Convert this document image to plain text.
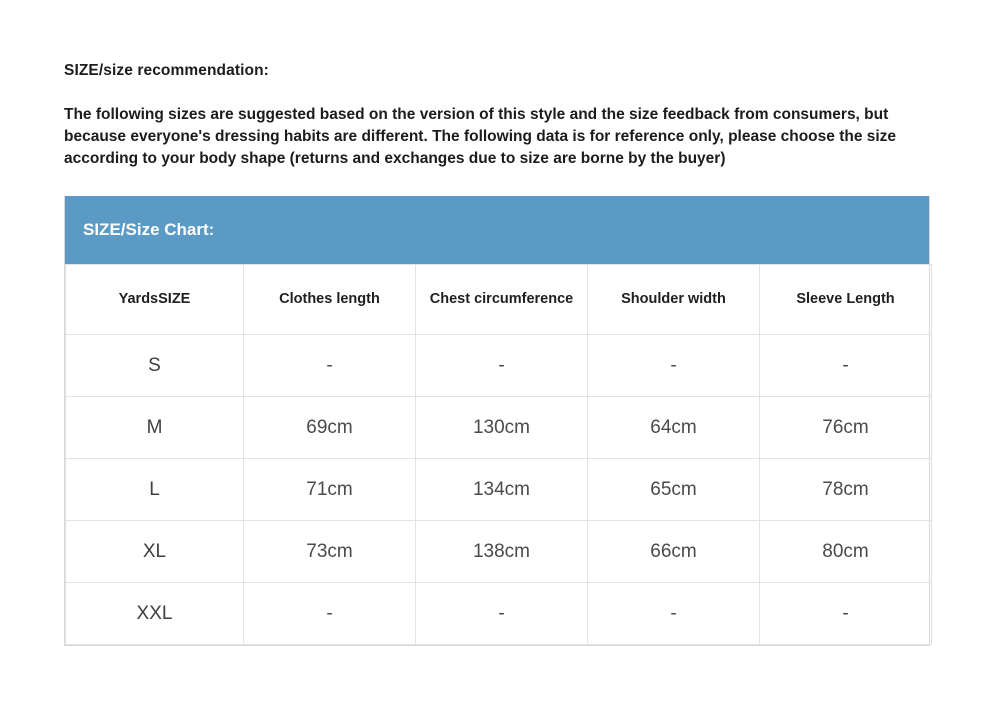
SIZE/size recommendation:

The following sizes are suggested based on the version of this style and the size feedback from consumers, but because everyone's dressing habits are different. The following data is for reference only, please choose the size according to your body shape (returns and exchanges due to size are borne by the buyer)

SIZE/Size Chart:
YardsSIZE	Clothes length	Chest circumference	Shoulder width	Sleeve Length
S	-	-	-	-
M	69cm	130cm	64cm	76cm
L	71cm	134cm	65cm	78cm
XL	73cm	138cm	66cm	80cm
XXL	-	-	-	-
